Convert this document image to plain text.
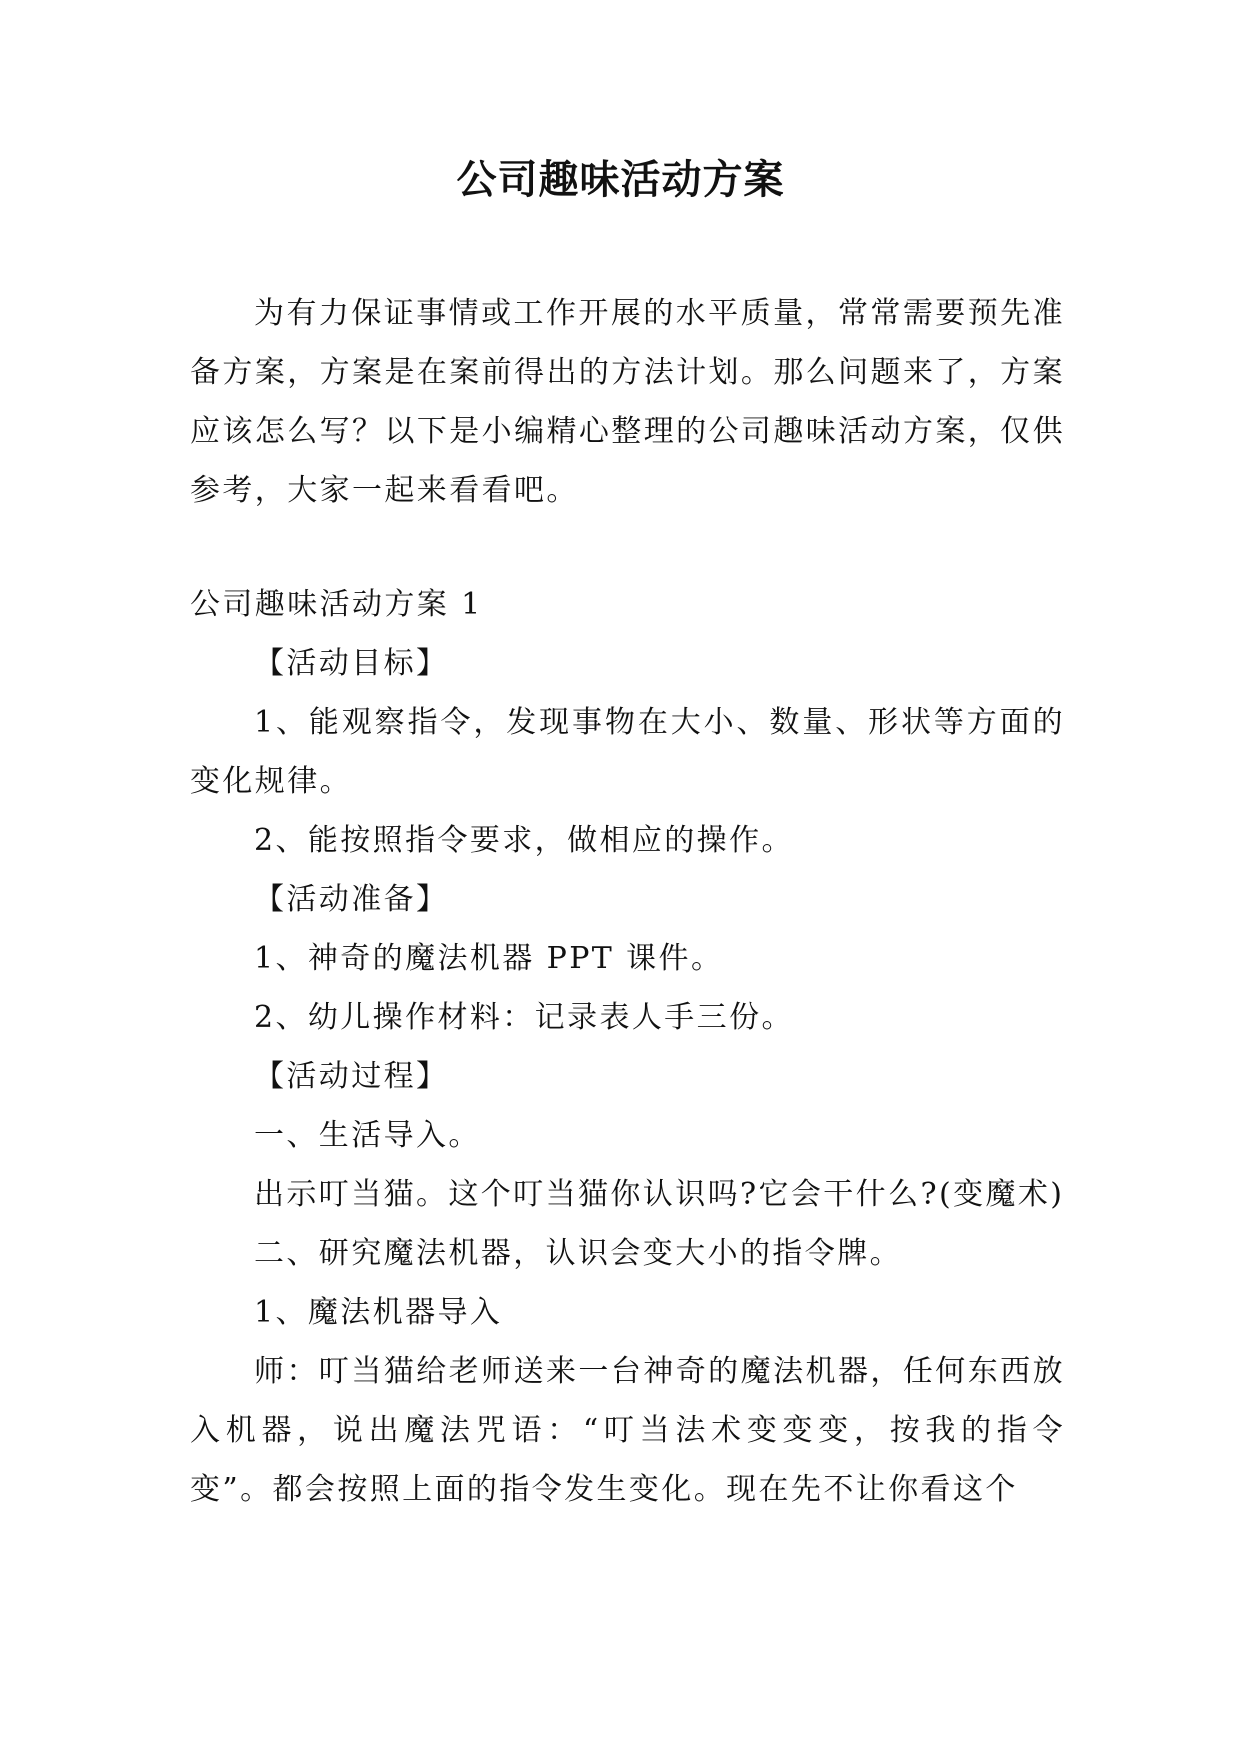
公司趣味活动方案

为有力保证事情或工作开展的水平质量，常常需要预先准备方案，方案是在案前得出的方法计划。那么问题来了，方案应该怎么写？以下是小编精心整理的公司趣味活动方案，仅供参考，大家一起来看看吧。

公司趣味活动方案 1

【活动目标】

1、能观察指令，发现事物在大小、数量、形状等方面的变化规律。

2、能按照指令要求，做相应的操作。

【活动准备】

1、神奇的魔法机器 PPT 课件。

2、幼儿操作材料：记录表人手三份。

【活动过程】

一、生活导入。

出示叮当猫。这个叮当猫你认识吗?它会干什么?(变魔术)

二、研究魔法机器，认识会变大小的指令牌。

1、魔法机器导入

师：叮当猫给老师送来一台神奇的魔法机器，任何东西放入机器，说出魔法咒语：“叮当法术变变变，按我的指令变”。都会按照上面的指令发生变化。现在先不让你看这个
